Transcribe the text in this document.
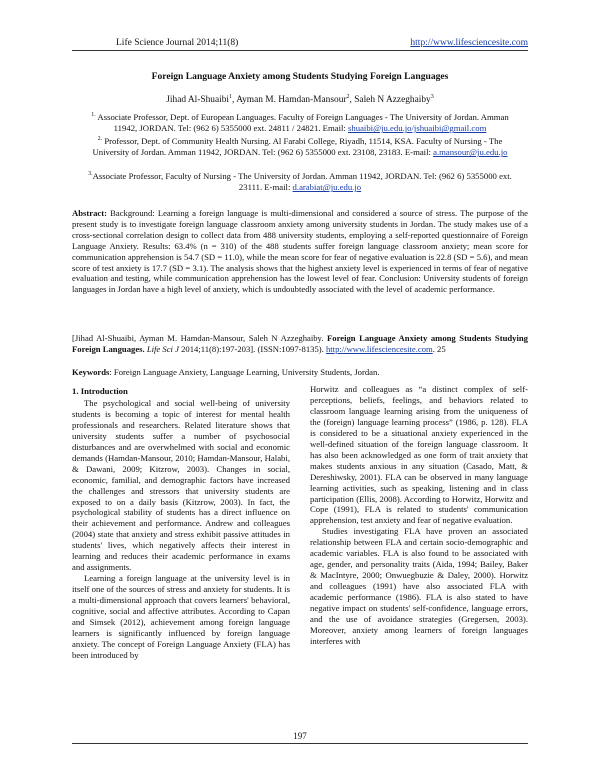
Life Science Journal 2014;11(8)	http://www.lifesciencesite.com
Foreign Language Anxiety among Students Studying Foreign Languages
Jihad Al-Shuaibi$^1$, Ayman M. Hamdan-Mansour$^2$, Saleh N Azzeghaiby$^3$
$^{1.}$ Associate Professor, Dept. of European Languages. Faculty of Foreign Languages - The University of Jordan. Amman 11942, JORDAN. Tel: (962 6) 5355000 ext. 24811 / 24821. Email: shuaibi@ju.edu.jo/jshuaibi@gmail.com
$^{2.}$ Professor, Dept. of Community Health Nursing. Al Farabi College, Riyadh, 11514, KSA. Faculty of Nursing - The University of Jordan. Amman 11942, JORDAN. Tel: (962 6) 5355000 ext. 23108, 23183. E-mail: a.mansour@ju.edu.jo
$^{3.}$Associate Professor, Faculty of Nursing - The University of Jordan. Amman 11942, JORDAN. Tel: (962 6) 5355000 ext. 23111. E-mail: d.arabiat@ju.edu.jo
Abstract: Background: Learning a foreign language is multi-dimensional and considered a source of stress. The purpose of the present study is to investigate foreign language classroom anxiety among university students in Jordan. The study makes use of a cross-sectional correlation design to collect data from 488 university students, employing a self-reported questionnaire of Foreign Language Anxiety. Results: 63.4% (n = 310) of the 488 students suffer foreign language classroom anxiety; mean score for communication apprehension is 54.7 (SD = 11.0), while the mean score for fear of negative evaluation is 22.8 (SD = 5.6), and mean score of test anxiety is 17.7 (SD = 3.1). The analysis shows that the highest anxiety level is experienced in terms of fear of negative evaluation and testing, while communication apprehension has the lowest level of fear. Conclusion: University students of foreign languages in Jordan have a high level of anxiety, which is undoubtedly associated with the level of academic performance.
[Jihad Al-Shuaibi, Ayman M. Hamdan-Mansour, Saleh N Azzeghaiby. Foreign Language Anxiety among Students Studying Foreign Languages. Life Sci J 2014;11(8):197-203]. (ISSN:1097-8135). http://www.lifesciencesite.com. 25
Keywords: Foreign Language Anxiety, Language Learning, University Students, Jordan.
1. Introduction

The psychological and social well-being of university students is becoming a topic of interest for mental health professionals and researchers. Related literature shows that university students suffer a number of psychosocial disturbances and are overwhelmed with social and economic demands (Hamdan-Mansour, 2010; Hamdan-Mansour, Halabi, & Dawani, 2009; Kitzrow, 2003). Changes in social, economic, familial, and demographic factors have increased the challenges and stressors that university students are exposed to on a daily basis (Kitzrow, 2003). In fact, the psychological stability of students has a direct influence on their achievement and performance. Andrew and colleagues (2004) state that anxiety and stress exhibit passive attitudes in students' lives, which negatively affects their interest in learning and reduces their academic performance in exams and assignments.

Learning a foreign language at the university level is in itself one of the sources of stress and anxiety for students. It is a multi-dimensional approach that covers learners' behavioral, cognitive, social and affective attributes. According to Capan and Simsek (2012), achievement among foreign language learners is significantly influenced by foreign language anxiety. The concept of Foreign Language Anxiety (FLA) has been introduced by

Horwitz and colleagues as “a distinct complex of self-perceptions, beliefs, feelings, and behaviors related to classroom language learning arising from the uniqueness of the (foreign) language learning process” (1986, p. 128). FLA is considered to be a situational anxiety experienced in the well-defined situation of the foreign language classroom. It has also been acknowledged as one form of trait anxiety that makes students anxious in any situation (Casado, Matt, & Dereshiwsky, 2001). FLA can be observed in many language learning activities, such as speaking, listening and in class participation (Ellis, 2008). According to Horwitz, Horwitz and Cope (1991), FLA is related to students' communication apprehension, test anxiety and fear of negative evaluation.

Studies investigating FLA have proven an associated relationship between FLA and certain socio-demographic and academic variables. FLA is also found to be associated with age, gender, and personality traits (Aida, 1994; Bailey, Baker & MacIntyre, 2000; Onwuegbuzie & Daley, 2000). Horwitz and colleagues (1991) have also associated FLA with academic performance (1986). FLA is also stated to have negative impact on students' self-confidence, language errors, and the use of avoidance strategies (Gregersen, 2003). Moreover, anxiety among learners of foreign languages interferes with

197
